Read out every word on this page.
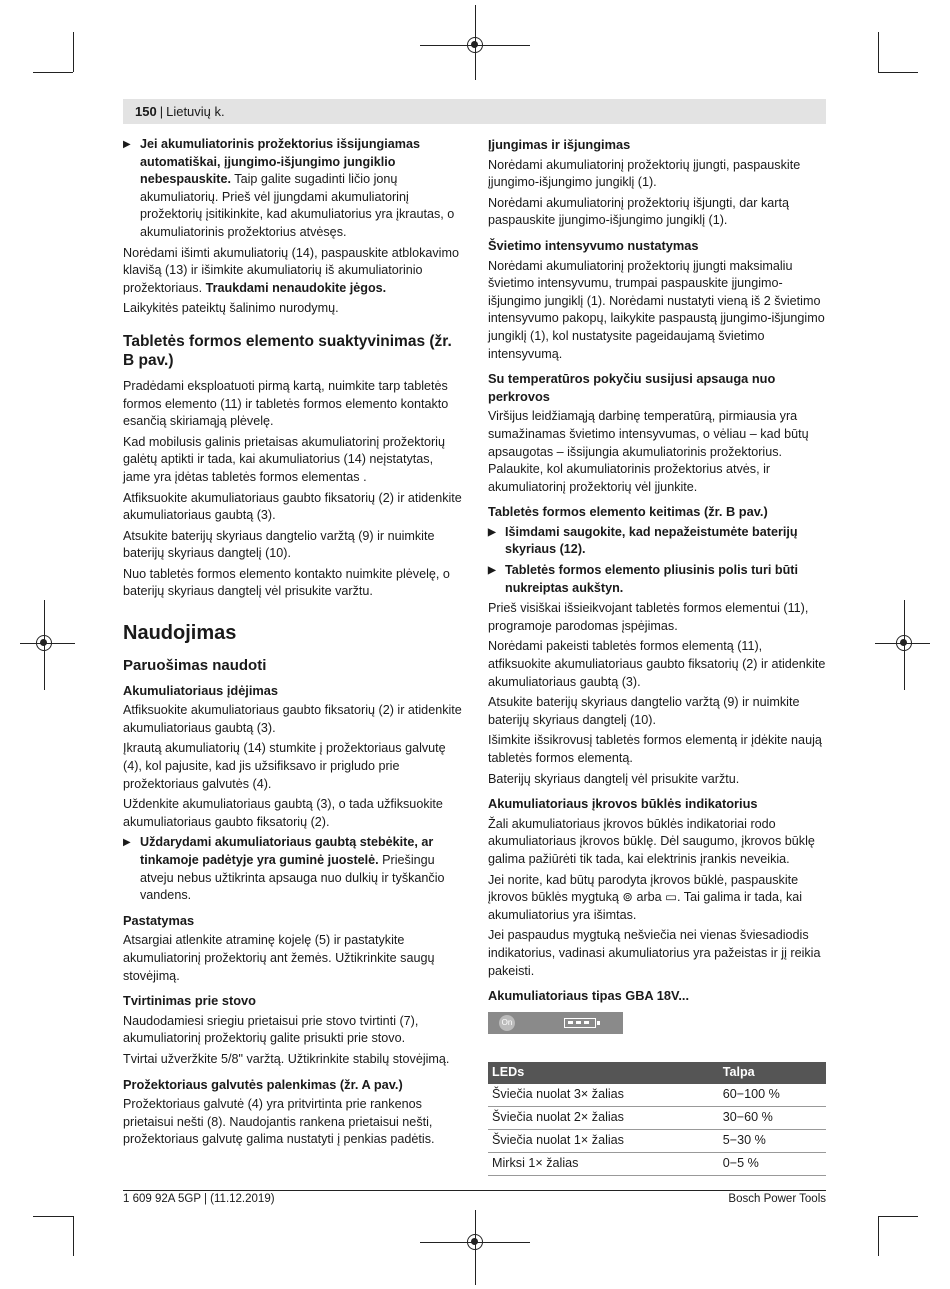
150 | Lietuvių k.
▶ Jei akumuliatorinis prožektorius išsijungiamas automatiškai, įjungimo-išjungimo jungiklio nebespauskite. Taip galite sugadinti ličio jonų akumuliatorių. Prieš vėl įjungdami akumuliatorinį prožektorių įsitikinkite, kad akumuliatorius yra įkrautas, o akumuliatorinis prožektorius atvėsęs.

Norėdami išimti akumuliatorių (14), paspauskite atblokavimo klavišą (13) ir išimkite akumuliatorių iš akumuliatorinio prožektoriaus. Traukdami nenaudokite jėgos.

Laikykitės pateiktų šalinimo nurodymų.

Tabletės formos elemento suaktyvinimas (žr. B pav.)

Pradėdami eksploatuoti pirmą kartą, nuimkite tarp tabletės formos elemento (11) ir tabletės formos elemento kontakto esančią skiriamąją plėvelę.

Kad mobilusis galinis prietaisas akumuliatorinį prožektorių galėtų aptikti ir tada, kai akumuliatorius (14) neįstatytas, jame yra įdėtas tabletės formos elementas .

Atfiksuokite akumuliatoriaus gaubto fiksatorių (2) ir atidenkite akumuliatoriaus gaubtą (3).

Atsukite baterijų skyriaus dangtelio varžtą (9) ir nuimkite baterijų skyriaus dangtelį (10).

Nuo tabletės formos elemento kontakto nuimkite plėvelę, o baterijų skyriaus dangtelį vėl prisukite varžtu.

Naudojimas
Paruošimas naudoti
Akumuliatoriaus įdėjimas

Atfiksuokite akumuliatoriaus gaubto fiksatorių (2) ir atidenkite akumuliatoriaus gaubtą (3).

Įkrautą akumuliatorių (14) stumkite į prožektoriaus galvutę (4), kol pajusite, kad jis užsifiksavo ir prigludo prie prožektoriaus galvutės (4).

Uždenkite akumuliatoriaus gaubtą (3), o tada užfiksuokite akumuliatoriaus gaubto fiksatorių (2).

▶ Uždarydami akumuliatoriaus gaubtą stebėkite, ar tinkamoje padėtyje yra guminė juostelė. Priešingu atveju nebus užtikrinta apsauga nuo dulkių ir tyškančio vandens.
Pastatymas

Atsargiai atlenkite atraminę kojelę (5) ir pastatykite akumuliatorinį prožektorių ant žemės. Užtikrinkite saugų stovėjimą.

Tvirtinimas prie stovo

Naudodamiesi sriegiu prietaisui prie stovo tvirtinti (7), akumuliatorinį prožektorių galite prisukti prie stovo.

Tvirtai užveržkite 5/8" varžtą. Užtikrinkite stabilų stovėjimą.

Prožektoriaus galvutės palenkimas (žr. A pav.)

Prožektoriaus galvutė (4) yra pritvirtinta prie rankenos prietaisui nešti (8). Naudojantis rankena prietaisui nešti, prožektoriaus galvutę galima nustatyti į penkias padėtis.

Įjungimas ir išjungimas

Norėdami akumuliatorinį prožektorių įjungti, paspauskite įjungimo-išjungimo jungiklį (1).

Norėdami akumuliatorinį prožektorių išjungti, dar kartą paspauskite įjungimo-išjungimo jungiklį (1).

Švietimo intensyvumo nustatymas

Norėdami akumuliatorinį prožektorių įjungti maksimaliu švietimo intensyvumu, trumpai paspauskite įjungimo-išjungimo jungiklį (1). Norėdami nustatyti vieną iš 2 švietimo intensyvumo pakopų, laikykite paspaustą įjungimo-išjungimo jungiklį (1), kol nustatysite pageidaujamą švietimo intensyvumą.

Su temperatūros pokyčiu susijusi apsauga nuo perkrovos

Viršijus leidžiamąją darbinę temperatūrą, pirmiausia yra sumažinamas švietimo intensyvumas, o vėliau – kad būtų apsaugotas – išsijungia akumuliatorinis prožektorius. Palaukite, kol akumuliatorinis prožektorius atvės, ir akumuliatorinį prožektorių vėl įjunkite.

Tabletės formos elemento keitimas (žr. B pav.)
▶ Išimdami saugokite, kad nepažeistumėte baterijų skyriaus (12).
▶ Tabletės formos elemento pliusinis polis turi būti nukreiptas aukštyn.

Prieš visiškai išsieikvojant tabletės formos elementui (11), programoje parodomas įspėjimas.

Norėdami pakeisti tabletės formos elementą (11), atfiksuokite akumuliatoriaus gaubto fiksatorių (2) ir atidenkite akumuliatoriaus gaubtą (3).

Atsukite baterijų skyriaus dangtelio varžtą (9) ir nuimkite baterijų skyriaus dangtelį (10).

Išimkite išsikrovusį tabletės formos elementą ir įdėkite naują tabletės formos elementą.

Baterijų skyriaus dangtelį vėl prisukite varžtu.

Akumuliatoriaus įkrovos būklės indikatorius

Žali akumuliatoriaus įkrovos būklės indikatoriai rodo akumuliatoriaus įkrovos būklę. Dėl saugumo, įkrovos būklę galima pažiūrėti tik tada, kai elektrinis įrankis neveikia.

Jei norite, kad būtų parodyta įkrovos būklė, paspauskite įkrovos būklės mygtuką ⊚ arba ▭. Tai galima ir tada, kai akumuliatorius yra išimtas.

Jei paspaudus mygtuką nešviečia nei vienas šviesadiodis indikatorius, vadinasi akumuliatorius yra pažeistas ir jį reikia pakeisti.

Akumuliatoriaus tipas GBA 18V...
On
LEDs	Talpa
Šviečia nuolat 3× žalias	60−100 %
Šviečia nuolat 2× žalias	30−60 %
Šviečia nuolat 1× žalias	5−30 %
Mirksi 1× žalias	0−5 %
1 609 92A 5GP | (11.12.2019)	Bosch Power Tools
